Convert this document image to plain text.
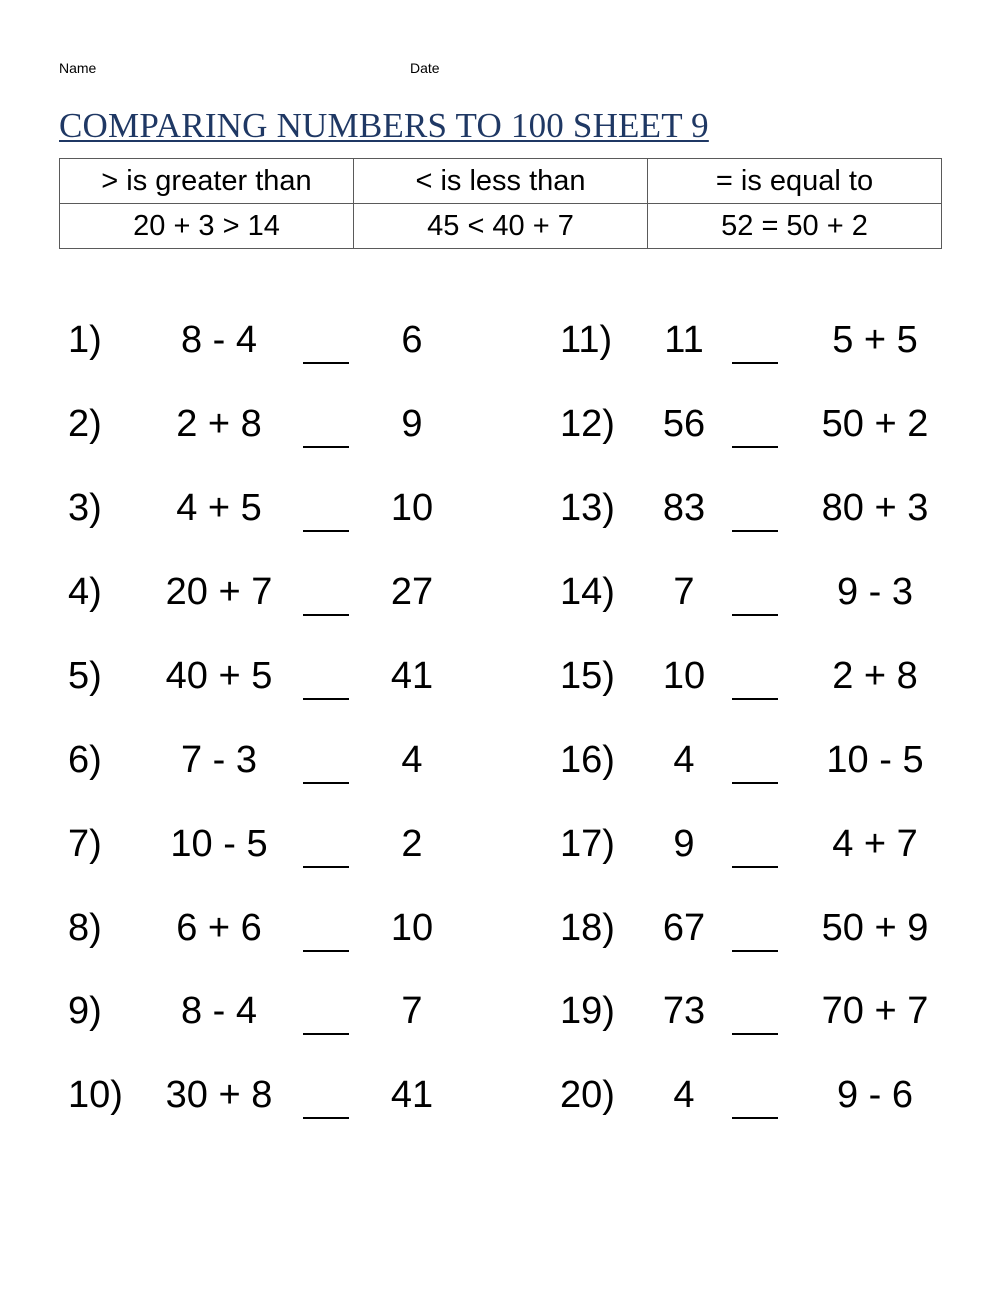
Name	Date
COMPARING NUMBERS TO 100 SHEET 9
> is greater than	< is less than	= is equal to
20 + 3 > 14	45 < 40 + 7	52 = 50 + 2
1)	8 - 4	6
2)	2 + 8	9
3)	4 + 5	10
4)	20 + 7	27
5)	40 + 5	41
6)	7 - 3	4
7)	10 - 5	2
8)	6 + 6	10
9)	8 - 4	7
10)	30 + 8	41
11)	11	5 + 5
12)	56	50 + 2
13)	83	80 + 3
14)	7	9 - 3
15)	10	2 + 8
16)	4	10 - 5
17)	9	4 + 7
18)	67	50 + 9
19)	73	70 + 7
20)	4	9 - 6
